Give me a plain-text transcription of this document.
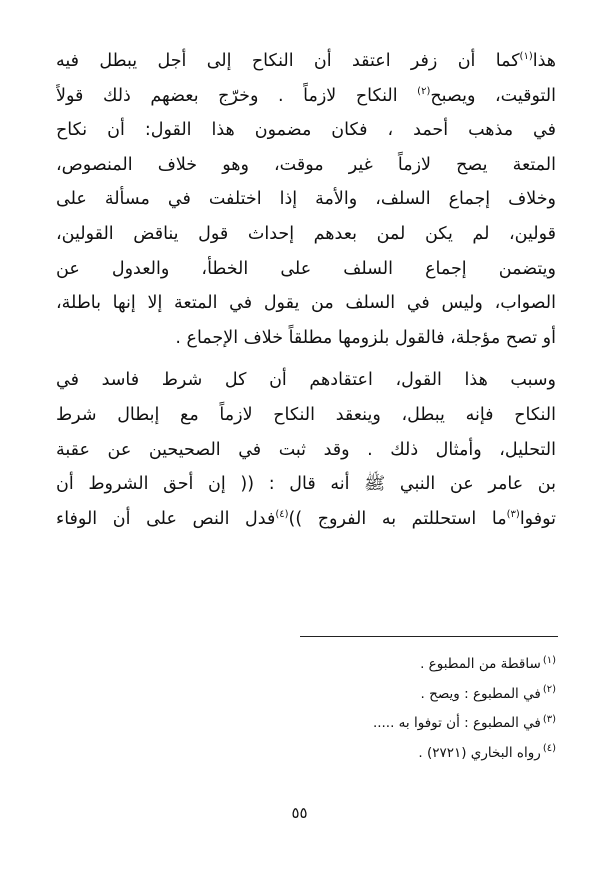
هذا$^{(١)}$كما أن زفر اعتقد أن النكاح إلى أجل يبطل فيه
التوقيت، ويصبح$^{(٢)}$ النكاح لازماً . وخرّج بعضهم ذلك قولاً
في مذهب أحمد ، فكان مضمون هذا القول: أن نكاح
المتعة يصح لازماً غير موقت، وهو خلاف المنصوص،
وخلاف إجماع السلف، والأمة إذا اختلفت في مسألة على
قولين، لم يكن لمن بعدهم إحداث قول يناقض القولين،
ويتضمن إجماع السلف على الخطأ، والعدول عن
الصواب، وليس في السلف من يقول في المتعة إلا إنها باطلة،
أو تصح مؤجلة، فالقول بلزومها مطلقاً خلاف الإجماع .
وسبب هذا القول، اعتقادهم أن كل شرط فاسد في
النكاح فإنه يبطل، وينعقد النكاح لازماً مع إبطال شرط
التحليل، وأمثال ذلك . وقد ثبت في الصحيحين عن عقبة
بن عامر عن النبي ﷺ أنه قال : (( إن أحق الشروط أن
توفوا$^{(٣)}$ما استحللتم به الفروج ))$^{(٤)}$فدل النص على أن الوفاء
$^{(١)}$ساقطة من المطبوع .
$^{(٢)}$في المطبوع : ويصح .
$^{(٣)}$في المطبوع : أن توفوا به .....
$^{(٤)}$رواه البخاري (٢٧٢١) .
٥٥
